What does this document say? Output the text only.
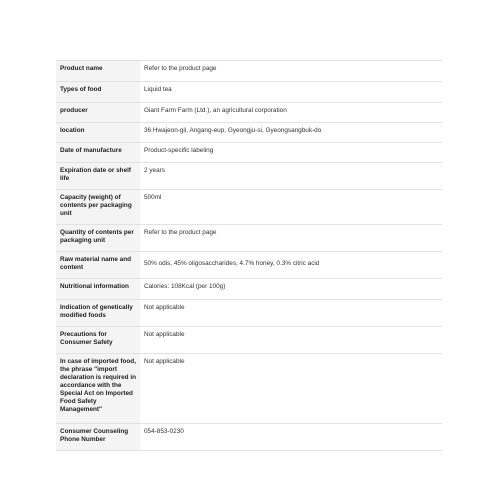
Product name	Refer to the product page
Types of food	Liquid tea
producer	Giant Farm Farm (Ltd.), an agricultural corporation
location	36 Hwajeon-gil, Angang-eup, Gyeongju-si, Gyeongsangbuk-do
Date of manufacture	Product-specific labeling
Expiration date or shelf life	2 years
Capacity (weight) of contents per packaging unit	500ml
Quantity of contents per packaging unit	Refer to the product page
Raw material name and content	50% odis, 45% oligosaccharides, 4.7% honey, 0.3% citric acid
Nutritional information	Calories: 108Kcal (per 100g)
Indication of genetically modified foods	Not applicable
Precautions for Consumer Safety	Not applicable
In case of imported food, the phrase "import declaration is required in accordance with the Special Act on Imported Food Safety Management"	Not applicable
Consumer Counseling Phone Number	054-853-0230
